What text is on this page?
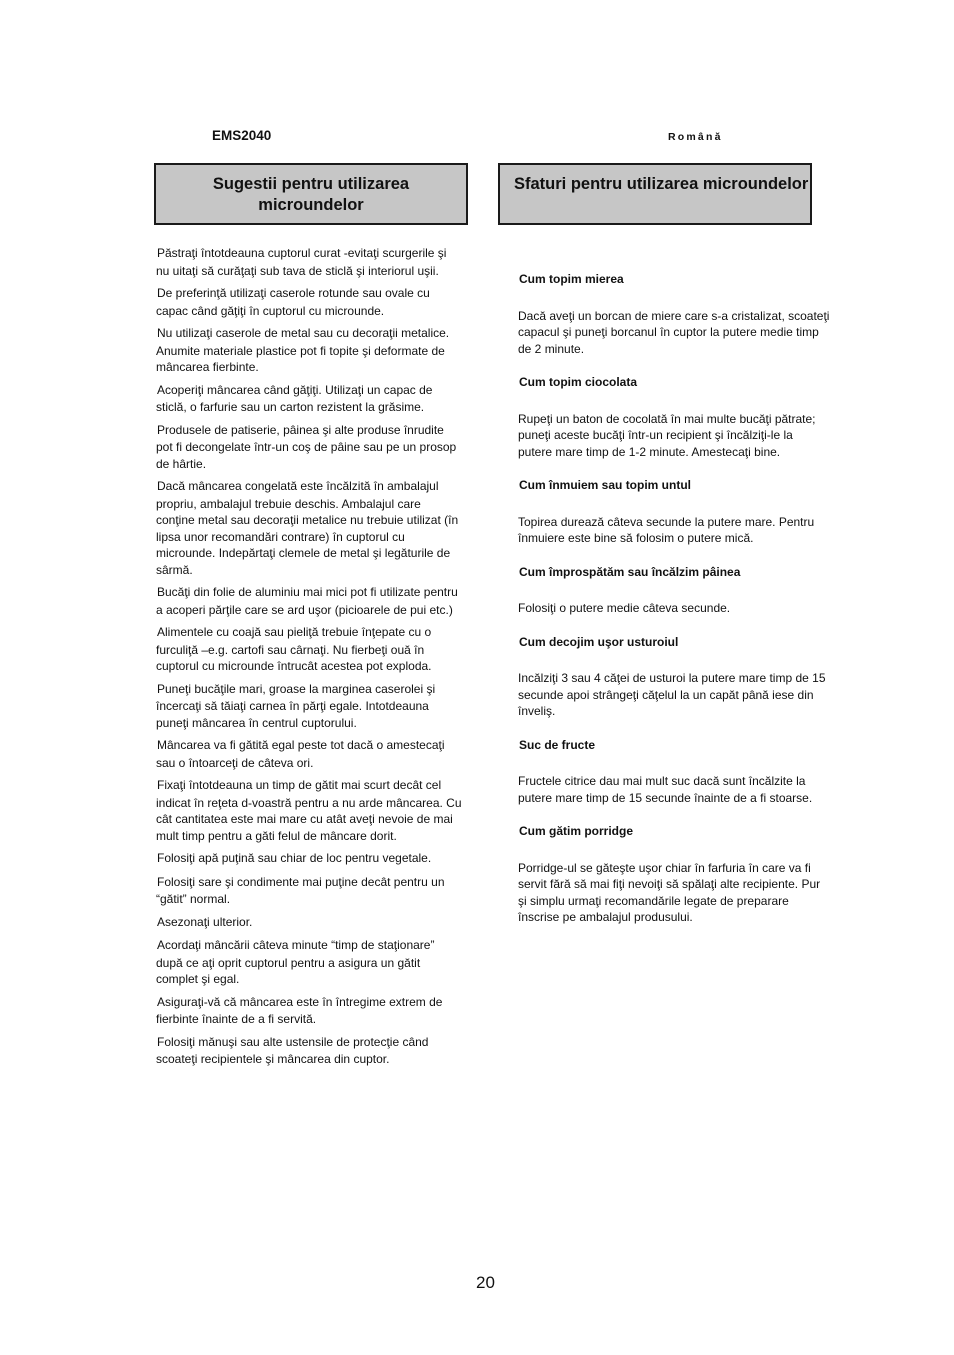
EMS2040	Română
Sugestii pentru utilizarea microundelor
Sfaturi pentru utilizarea microundelor
Păstraţi întotdeauna cuptorul curat -evitaţi scurgerile şi nu uitaţi să curăţaţi sub tava de sticlă şi interiorul uşii.
De preferinţă utilizaţi caserole rotunde sau ovale cu capac când găţiţi în cuptorul cu microunde.
Nu utilizaţi caserole de metal sau cu decoraţii metalice. Anumite materiale plastice pot fi topite şi deformate de mâncarea fierbinte.
Acoperiţi mâncarea când găţiţi. Utilizaţi un capac de sticlă, o farfurie sau un carton rezistent la grăsime.
Produsele de patiserie, pâinea şi alte produse înrudite pot fi decongelate într-un coş de pâine sau pe un prosop de hârtie.
Dacă mâncarea congelată este încălzită în ambalajul propriu, ambalajul trebuie deschis. Ambalajul care conţine metal sau decoraţii metalice nu trebuie utilizat (în lipsa unor recomandări contrare) în cuptorul cu microunde. Indepărtaţi clemele de metal şi legăturile de sârmă.
Bucăţi din folie de aluminiu mai mici pot fi utilizate pentru a acoperi părţile care se ard uşor (picioarele de pui etc.)
Alimentele cu coajă sau pieliţă trebuie înţepate cu o furculiţă –e.g. cartofi sau cârnaţi. Nu fierbeţi ouă în cuptorul cu microunde întrucât acestea pot exploda.
Puneţi bucăţile mari, groase la marginea caserolei şi încercaţi să tăiaţi carnea în părţi egale. Intotdeauna puneţi mâncarea în centrul cuptorului.
Mâncarea va fi gătită egal peste tot dacă o amestecaţi sau o întoarceţi de câteva ori.
Fixaţi întotdeauna un timp de gătit mai scurt decât cel indicat în reţeta d-voastră pentru a nu arde mâncarea. Cu cât cantitatea este mai mare cu atât aveţi nevoie de mai mult timp pentru a găti felul de mâncare dorit.
Folosiţi apă puţină sau chiar de loc pentru vegetale.
Folosiţi sare şi condimente mai puţine decât pentru un “gătit” normal.
Asezonaţi ulterior.
Acordaţi mâncării câteva minute “timp de staţionare” după ce aţi oprit cuptorul pentru a asigura un gătit complet şi egal.
Asiguraţi-vă că mâncarea este în întregime extrem de fierbinte înainte de a fi servită.
Folosiţi mănuşi sau alte ustensile de protecţie când scoateţi recipientele şi mâncarea din cuptor.
Cum topim mierea
Dacă aveţi un borcan de miere care s-a cristalizat, scoateţi capacul şi puneţi borcanul în cuptor la putere medie timp de 2 minute.
Cum topim ciocolata
Rupeţi un baton de cocolată în mai multe bucăţi pătrate; puneţi aceste bucăţi într-un recipient şi încălziţi-le la putere mare timp de 1-2 minute. Amestecaţi bine.
Cum înmuiem sau topim untul
Topirea durează câteva secunde la putere mare. Pentru înmuiere este bine să folosim o putere mică.
Cum împrospătăm sau încălzim pâinea
Folosiţi o putere medie câteva secunde.
Cum decojim uşor usturoiul
Incălziţi 3 sau 4 căţei de usturoi la putere mare timp de 15 secunde apoi strângeţi căţelul la un capăt până iese din înveliş.
Suc de fructe
Fructele citrice dau mai mult suc dacă sunt încălzite la putere mare timp de 15 secunde înainte de a fi stoarse.
Cum gătim porridge
Porridge-ul se găteşte uşor chiar în farfuria în care va fi servit fără să mai fiţi nevoiţi să spălaţi alte recipiente. Pur şi simplu urmaţi recomandările legate de preparare înscrise pe ambalajul produsului.
20
